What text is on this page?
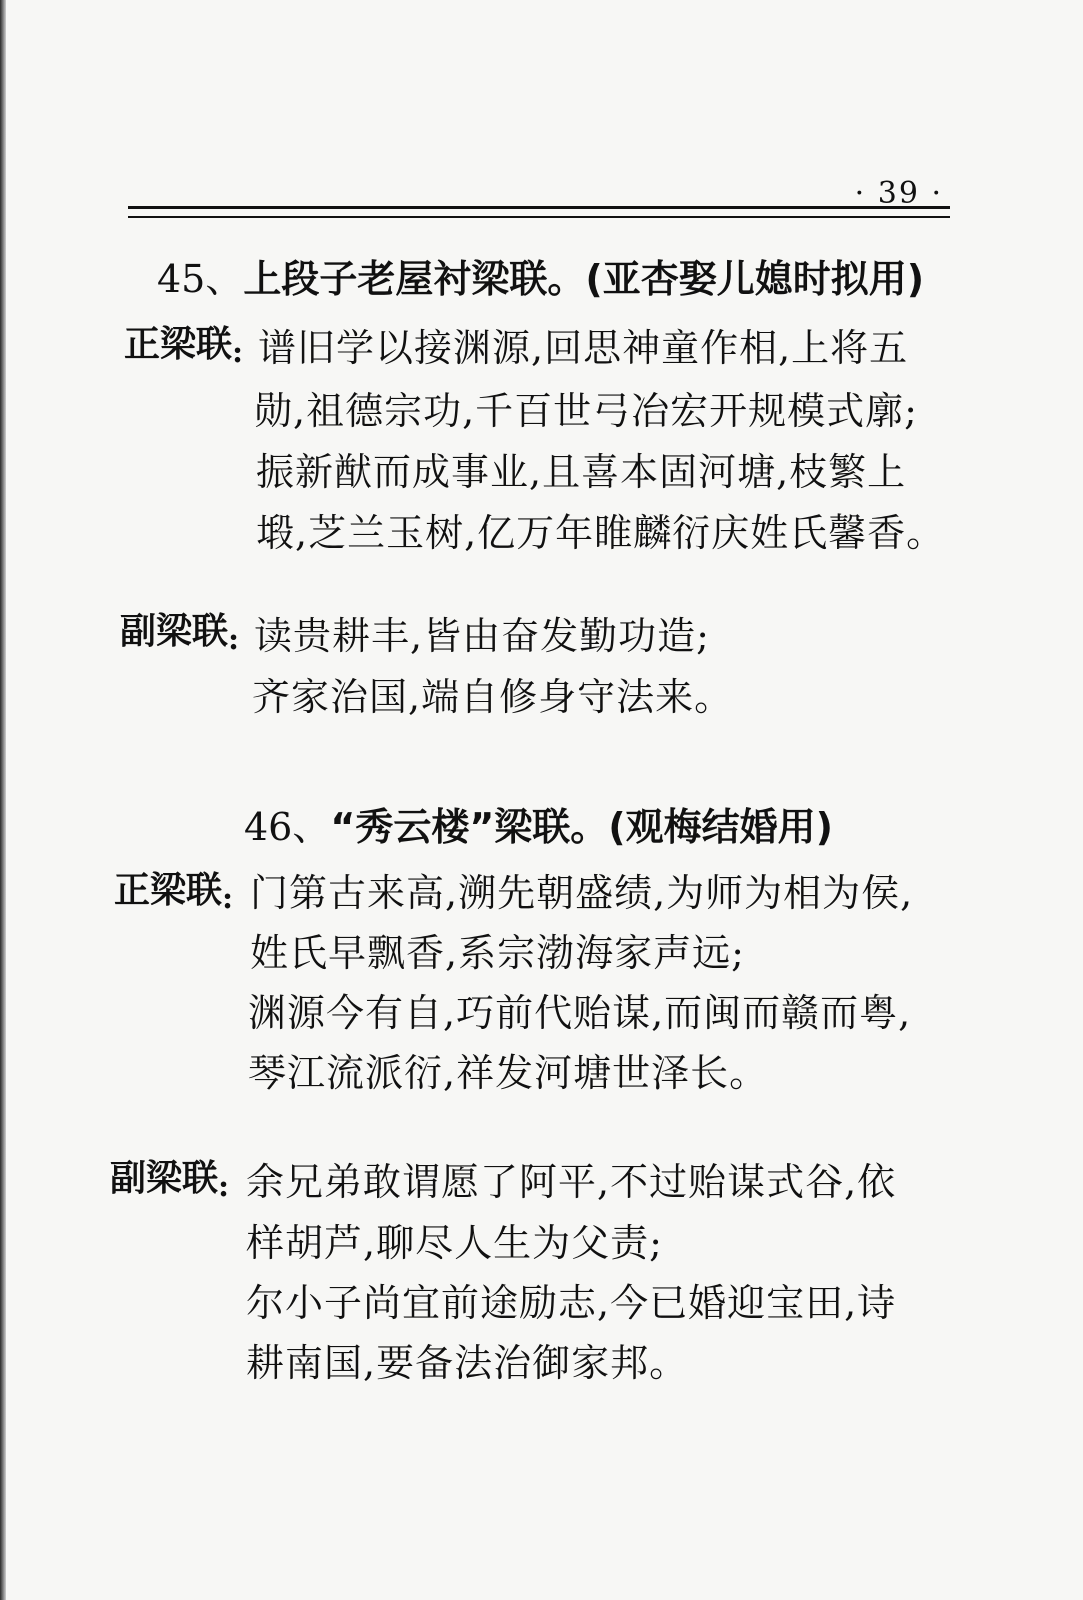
· 39 ·
45、上段子老屋衬梁联。(亚杏娶儿媳时拟用)
正梁联: 谱旧学以接渊源,回思神童作相,上将五
勋,祖德宗功,千百世弓冶宏开规模式廓;
振新猷而成事业,且喜本固河塘,枝繁上
塅,芝兰玉树,亿万年睢麟衍庆姓氏馨香。
副梁联: 读贵耕丰,皆由奋发勤功造;
齐家治国,端自修身守法来。
46、“秀云楼”梁联。(观梅结婚用)
正梁联: 门第古来高,溯先朝盛绩,为师为相为侯,
姓氏早飘香,系宗渤海家声远;
渊源今有自,巧前代贻谋,而闽而赣而粤,
琴江流派衍,祥发河塘世泽长。
副梁联: 余兄弟敢谓愿了阿平,不过贻谋式谷,依
样胡芦,聊尽人生为父责;
尔小子尚宜前途励志,今已婚迎宝田,诗
耕南国,要备法治御家邦。
